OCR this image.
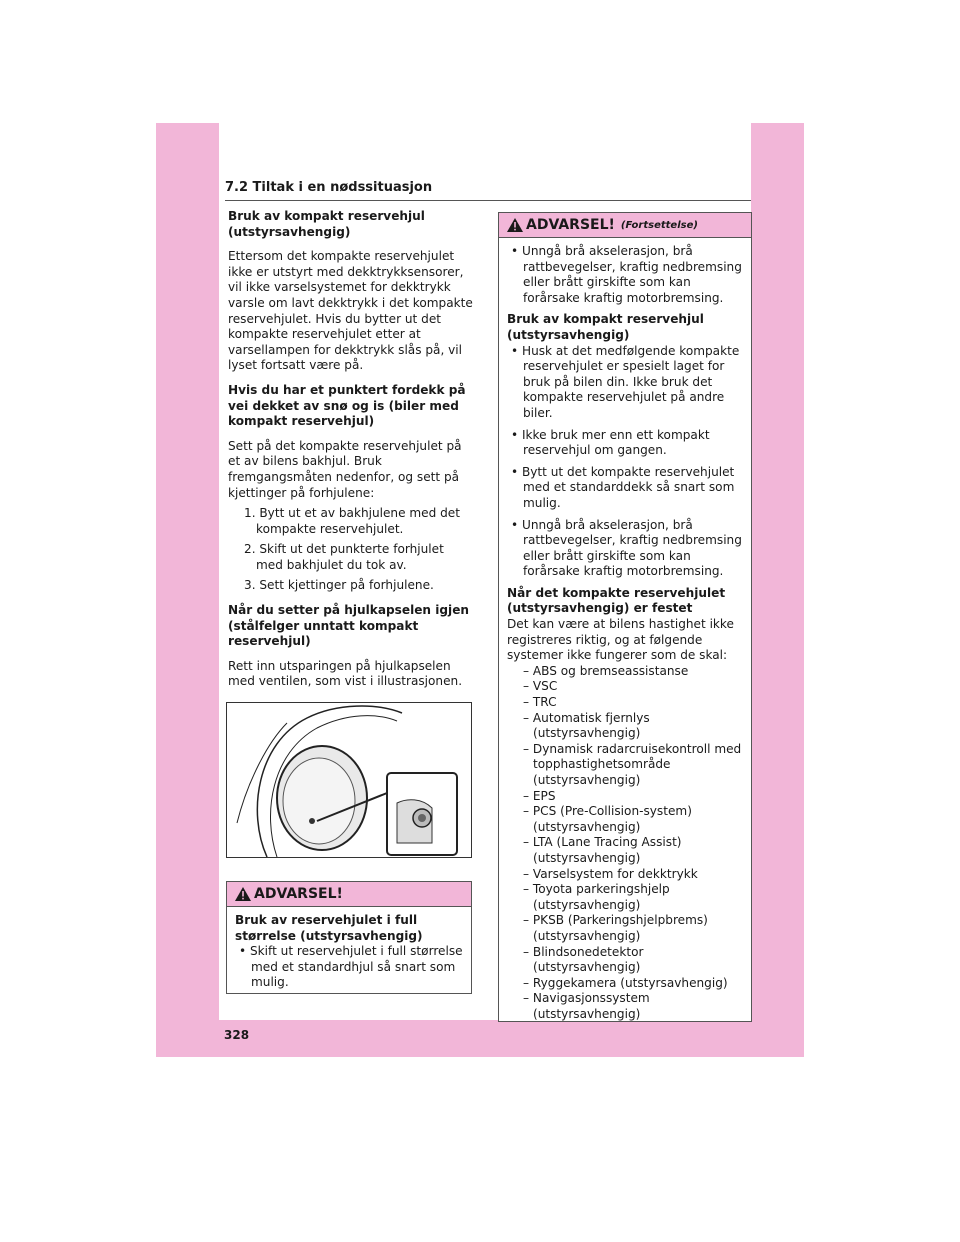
328
7.2 Tiltak i en nødssituasjon

Bruk av kompakt reservehjul (utstyrsavhengig)

Ettersom det kompakte reservehjulet ikke er utstyrt med dekktrykksensorer, vil ikke varselsystemet for dekktrykk varsle om lavt dekktrykk i det kompakte reservehjulet. Hvis du bytter ut det kompakte reservehjulet etter at varsellampen for dekktrykk slås på, vil lyset fortsatt være på.

Hvis du har et punktert fordekk på vei dekket av snø og is (biler med kompakt reservehjul)

Sett på det kompakte reservehjulet på et av bilens bakhjul. Bruk fremgangsmåten nedenfor, og sett på kjettinger på forhjulene:

1. Bytt ut et av bakhjulene med det kompakte reservehjulet.
2. Skift ut det punkterte forhjulet med bakhjulet du tok av.
3. Sett kjettinger på forhjulene.

Når du setter på hjulkapselen igjen (stålfelger unntatt kompakt reservehjul)

Rett inn utsparingen på hjulkapselen med ventilen, som vist i illustrasjonen.

ADVARSEL!
Bruk av reservehjulet i full størrelse (utstyrsavhengig)
• Skift ut reservehjulet i full størrelse med et standardhjul så snart som mulig.
ADVARSEL! (Fortsettelse)

• Unngå brå akselerasjon, brå rattbevegelser, kraftig nedbremsing eller brått girskifte som kan forårsake kraftig motorbremsing.

Bruk av kompakt reservehjul (utstyrsavhengig)

• Husk at det medfølgende kompakte reservehjulet er spesielt laget for bruk på bilen din. Ikke bruk det kompakte reservehjulet på andre biler.

• Ikke bruk mer enn ett kompakt reservehjul om gangen.

• Bytt ut det kompakte reservehjulet med et standarddekk så snart som mulig.

• Unngå brå akselerasjon, brå rattbevegelser, kraftig nedbremsing eller brått girskifte som kan forårsake kraftig motorbremsing.

Når det kompakte reservehjulet (utstyrsavhengig) er festet
Det kan være at bilens hastighet ikke registreres riktig, og at følgende systemer ikke fungerer som de skal:
– ABS og bremseassistanse
– VSC
– TRC
– Automatisk fjernlys (utstyrsavhengig)
– Dynamisk radarcruisekontroll med topphastighetsområde (utstyrsavhengig)
– EPS
– PCS (Pre-Collision-system) (utstyrsavhengig)
– LTA (Lane Tracing Assist) (utstyrsavhengig)
– Varselsystem for dekktrykk
– Toyota parkeringshjelp (utstyrsavhengig)
– PKSB (Parkeringshjelpbrems) (utstyrsavhengig)
– Blindsonedetektor (utstyrsavhengig)
– Ryggekamera (utstyrsavhengig)
– Navigasjonssystem (utstyrsavhengig)
